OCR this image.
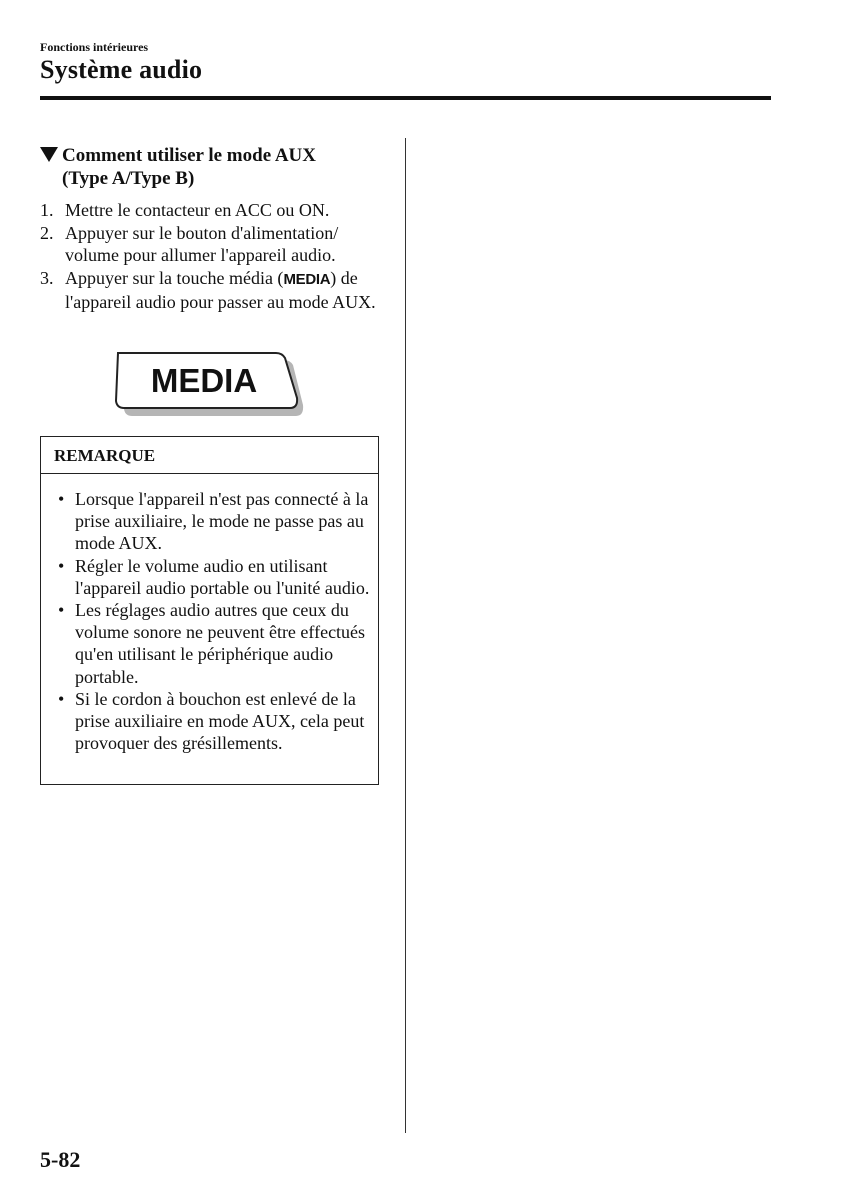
Fonctions intérieures
Système audio
Comment utiliser le mode AUX
(Type A/Type B)
1. Mettre le contacteur en ACC ou ON.
2. Appuyer sur le bouton d'alimentation/ volume pour allumer l'appareil audio.
3. Appuyer sur la touche média (MEDIA) de l'appareil audio pour passer au mode AUX.
MEDIA
REMARQUE
• Lorsque l'appareil n'est pas connecté à la prise auxiliaire, le mode ne passe pas au mode AUX.
• Régler le volume audio en utilisant l'appareil audio portable ou l'unité audio.
• Les réglages audio autres que ceux du volume sonore ne peuvent être effectués qu'en utilisant le périphérique audio portable.
• Si le cordon à bouchon est enlevé de la prise auxiliaire en mode AUX, cela peut provoquer des grésillements.
5-82
